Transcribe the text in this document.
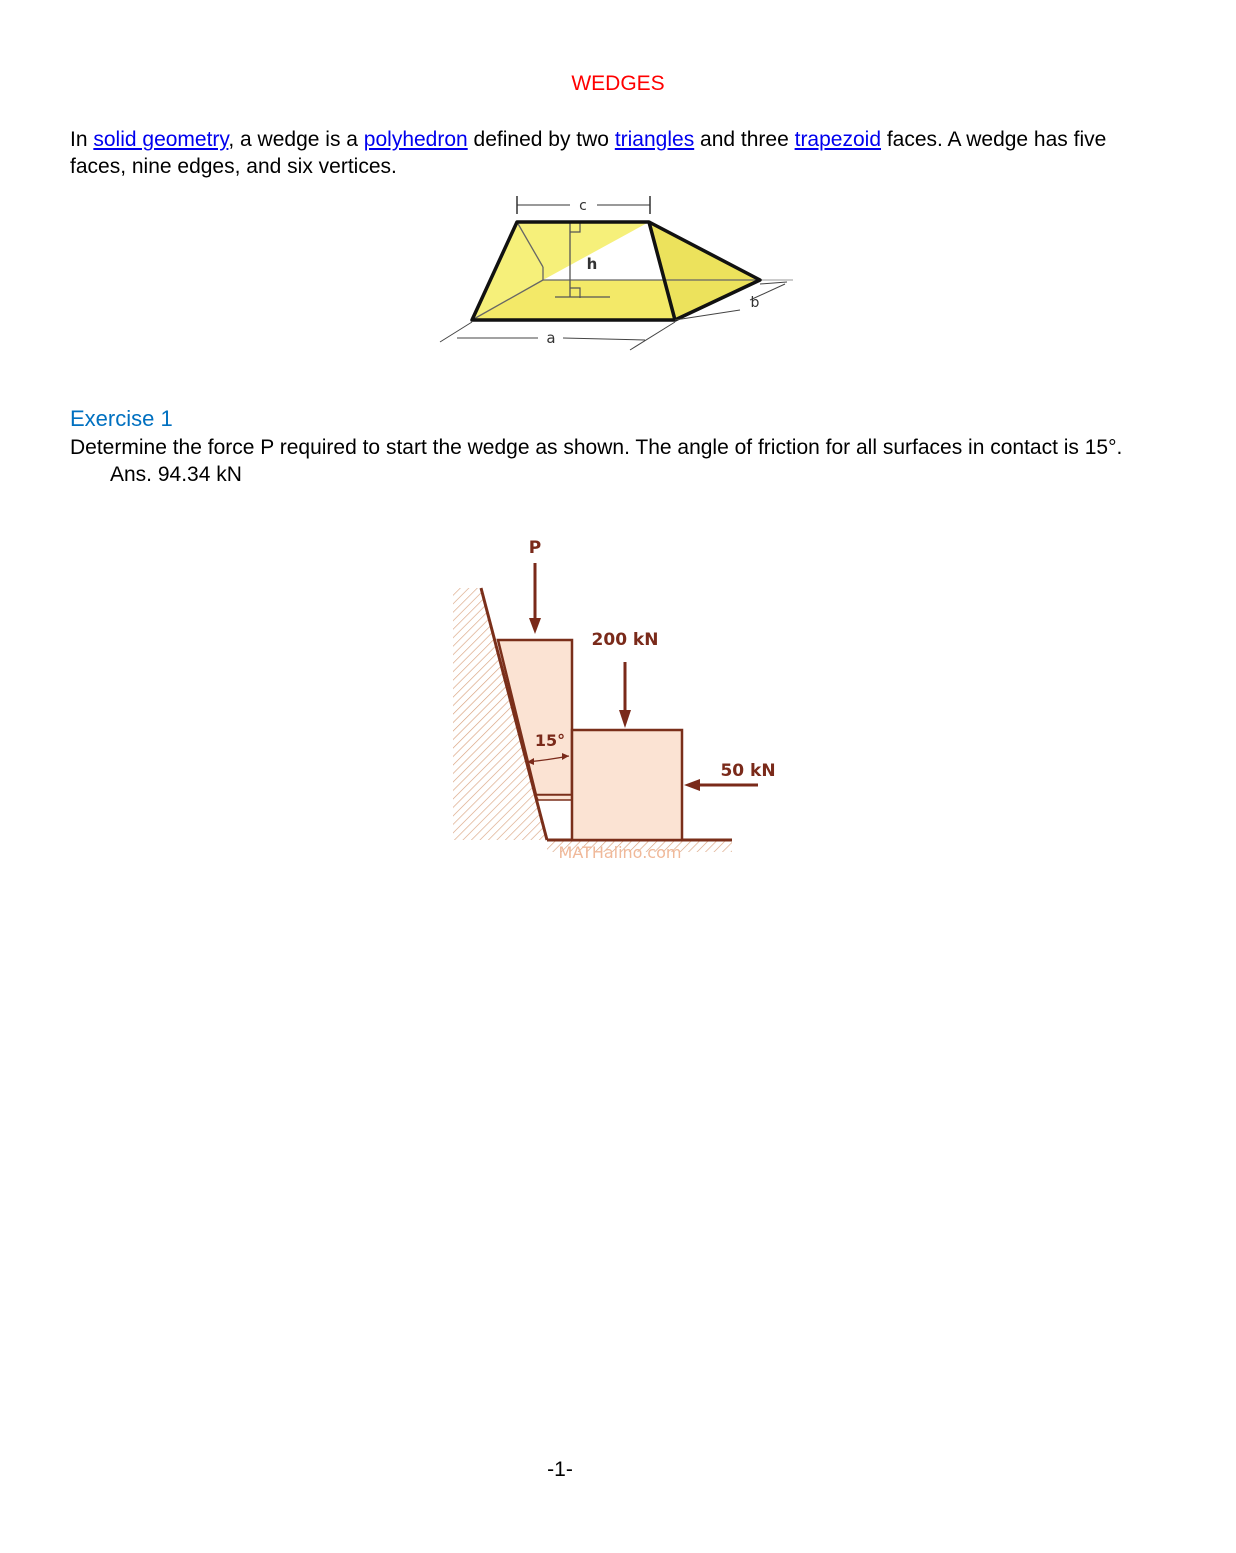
WEDGES

In solid geometry, a wedge is a polyhedron defined by two triangles and three trapezoid faces. A wedge has five faces, nine edges, and six vertices.

c
h
b
a
Exercise 1

Determine the force P required to start the wedge as shown. The angle of friction for all surfaces in contact is 15°.Ans. 94.34 kN

P
200 kN
50 kN
15°
MATHalino.com
-1-
